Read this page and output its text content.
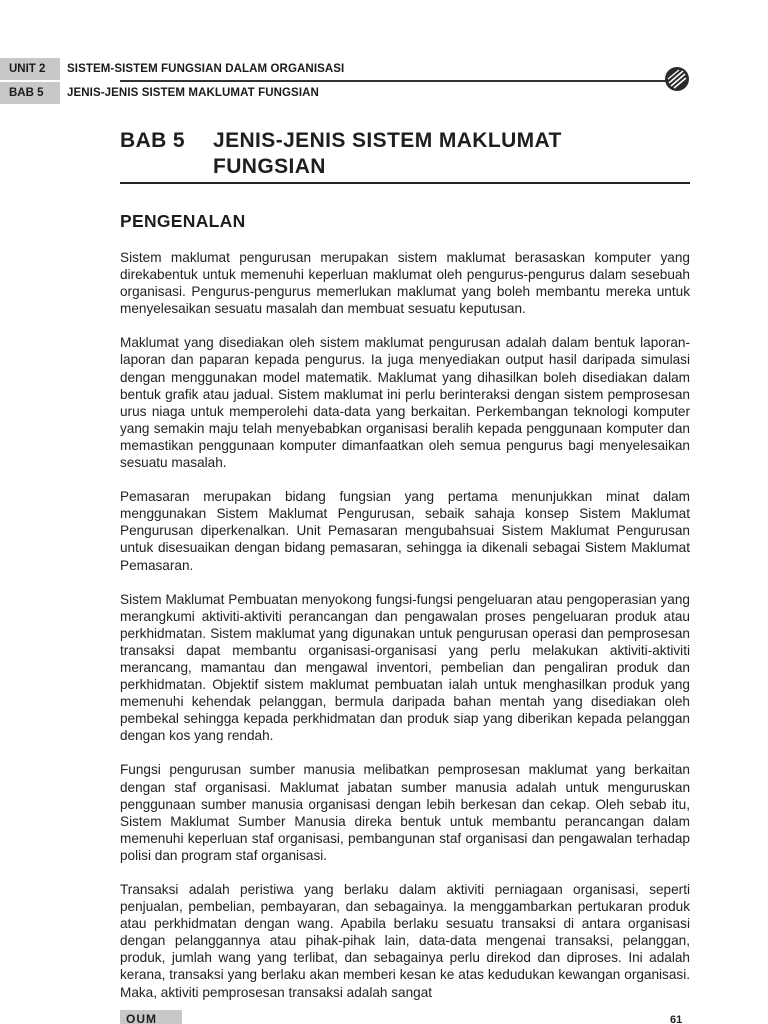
UNIT 2	SISTEM-SISTEM FUNGSIAN DALAM ORGANISASI
BAB 5	JENIS-JENIS SISTEM MAKLUMAT FUNGSIAN
BAB 5 JENIS-JENIS SISTEM MAKLUMAT
FUNGSIAN
PENGENALAN

Sistem maklumat pengurusan merupakan sistem maklumat berasaskan komputer yang direkabentuk untuk memenuhi keperluan maklumat oleh pengurus-pengurus dalam sesebuah organisasi. Pengurus-pengurus memerlukan maklumat yang boleh membantu mereka untuk menyelesaikan sesuatu masalah dan membuat sesuatu keputusan.

Maklumat yang disediakan oleh sistem maklumat pengurusan adalah dalam bentuk laporan-laporan dan paparan kepada pengurus. Ia juga menyediakan output hasil daripada simulasi dengan menggunakan model matematik. Maklumat yang dihasilkan boleh disediakan dalam bentuk grafik atau jadual. Sistem maklumat ini perlu berinteraksi dengan sistem pemprosesan urus niaga untuk memperolehi data-data yang berkaitan. Perkembangan teknologi komputer yang semakin maju telah menyebabkan organisasi beralih kepada penggunaan komputer dan memastikan penggunaan komputer dimanfaatkan oleh semua pengurus bagi menyelesaikan sesuatu masalah.

Pemasaran merupakan bidang fungsian yang pertama menunjukkan minat dalam menggunakan Sistem Maklumat Pengurusan, sebaik sahaja konsep Sistem Maklumat Pengurusan diperkenalkan. Unit Pemasaran mengubahsuai Sistem Maklumat Pengurusan untuk disesuaikan dengan bidang pemasaran, sehingga ia dikenali sebagai Sistem Maklumat Pemasaran.

Sistem Maklumat Pembuatan menyokong fungsi-fungsi pengeluaran atau pengoperasian yang merangkumi aktiviti-aktiviti perancangan dan pengawalan proses pengeluaran produk atau perkhidmatan. Sistem maklumat yang digunakan untuk pengurusan operasi dan pemprosesan transaksi dapat membantu organisasi-organisasi yang perlu melakukan aktiviti-aktiviti merancang, mamantau dan mengawal inventori, pembelian dan pengaliran produk dan perkhidmatan. Objektif sistem maklumat pembuatan ialah untuk menghasilkan produk yang memenuhi kehendak pelanggan, bermula daripada bahan mentah yang disediakan oleh pembekal sehingga kepada perkhidmatan dan produk siap yang diberikan kepada pelanggan dengan kos yang rendah.

Fungsi pengurusan sumber manusia melibatkan pemprosesan maklumat yang berkaitan dengan staf organisasi. Maklumat jabatan sumber manusia adalah untuk menguruskan penggunaan sumber manusia organisasi dengan lebih berkesan dan cekap. Oleh sebab itu, Sistem Maklumat Sumber Manusia direka bentuk untuk membantu perancangan dalam memenuhi keperluan staf organisasi, pembangunan staf organisasi dan pengawalan terhadap polisi dan program staf organisasi.

Transaksi adalah peristiwa yang berlaku dalam aktiviti perniagaan organisasi, seperti penjualan, pembelian, pembayaran, dan sebagainya. Ia menggambarkan pertukaran produk atau perkhidmatan dengan wang. Apabila berlaku sesuatu transaksi di antara organisasi dengan pelanggannya atau pihak-pihak lain, data-data mengenai transaksi, pelanggan, produk, jumlah wang yang terlibat, dan sebagainya perlu direkod dan diproses. Ini adalah kerana, transaksi yang berlaku akan memberi kesan ke atas kedudukan kewangan organisasi. Maka, aktiviti pemprosesan transaksi adalah sangat

OUM	61
